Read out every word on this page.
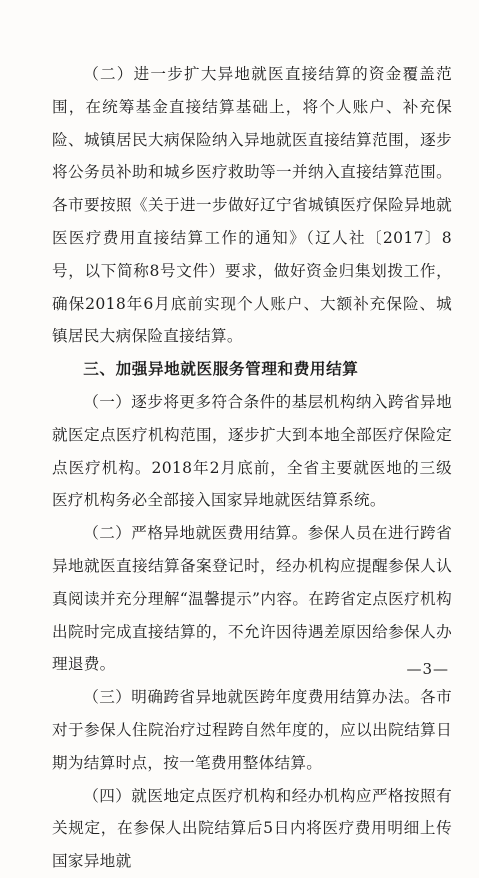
（二）进一步扩大异地就医直接结算的资金覆盖范围，在统筹基金直接结算基础上，将个人账户、补充保险、城镇居民大病保险纳入异地就医直接结算范围，逐步将公务员补助和城乡医疗救助等一并纳入直接结算范围。各市要按照《关于进一步做好辽宁省城镇医疗保险异地就医医疗费用直接结算工作的通知》（辽人社〔2017〕8号，以下简称8号文件）要求，做好资金归集划拨工作，确保2018年6月底前实现个人账户、大额补充保险、城镇居民大病保险直接结算。

三、加强异地就医服务管理和费用结算

（一）逐步将更多符合条件的基层机构纳入跨省异地就医定点医疗机构范围，逐步扩大到本地全部医疗保险定点医疗机构。2018年2月底前，全省主要就医地的三级医疗机构务必全部接入国家异地就医结算系统。

（二）严格异地就医费用结算。参保人员在进行跨省异地就医直接结算备案登记时，经办机构应提醒参保人认真阅读并充分理解“温馨提示”内容。在跨省定点医疗机构出院时完成直接结算的，不允许因待遇差原因给参保人办理退费。

（三）明确跨省异地就医跨年度费用结算办法。各市对于参保人住院治疗过程跨自然年度的，应以出院结算日期为结算时点，按一笔费用整体结算。

（四）就医地定点医疗机构和经办机构应严格按照有关规定，在参保人出院结算后5日内将医疗费用明细上传国家异地就

—3—
